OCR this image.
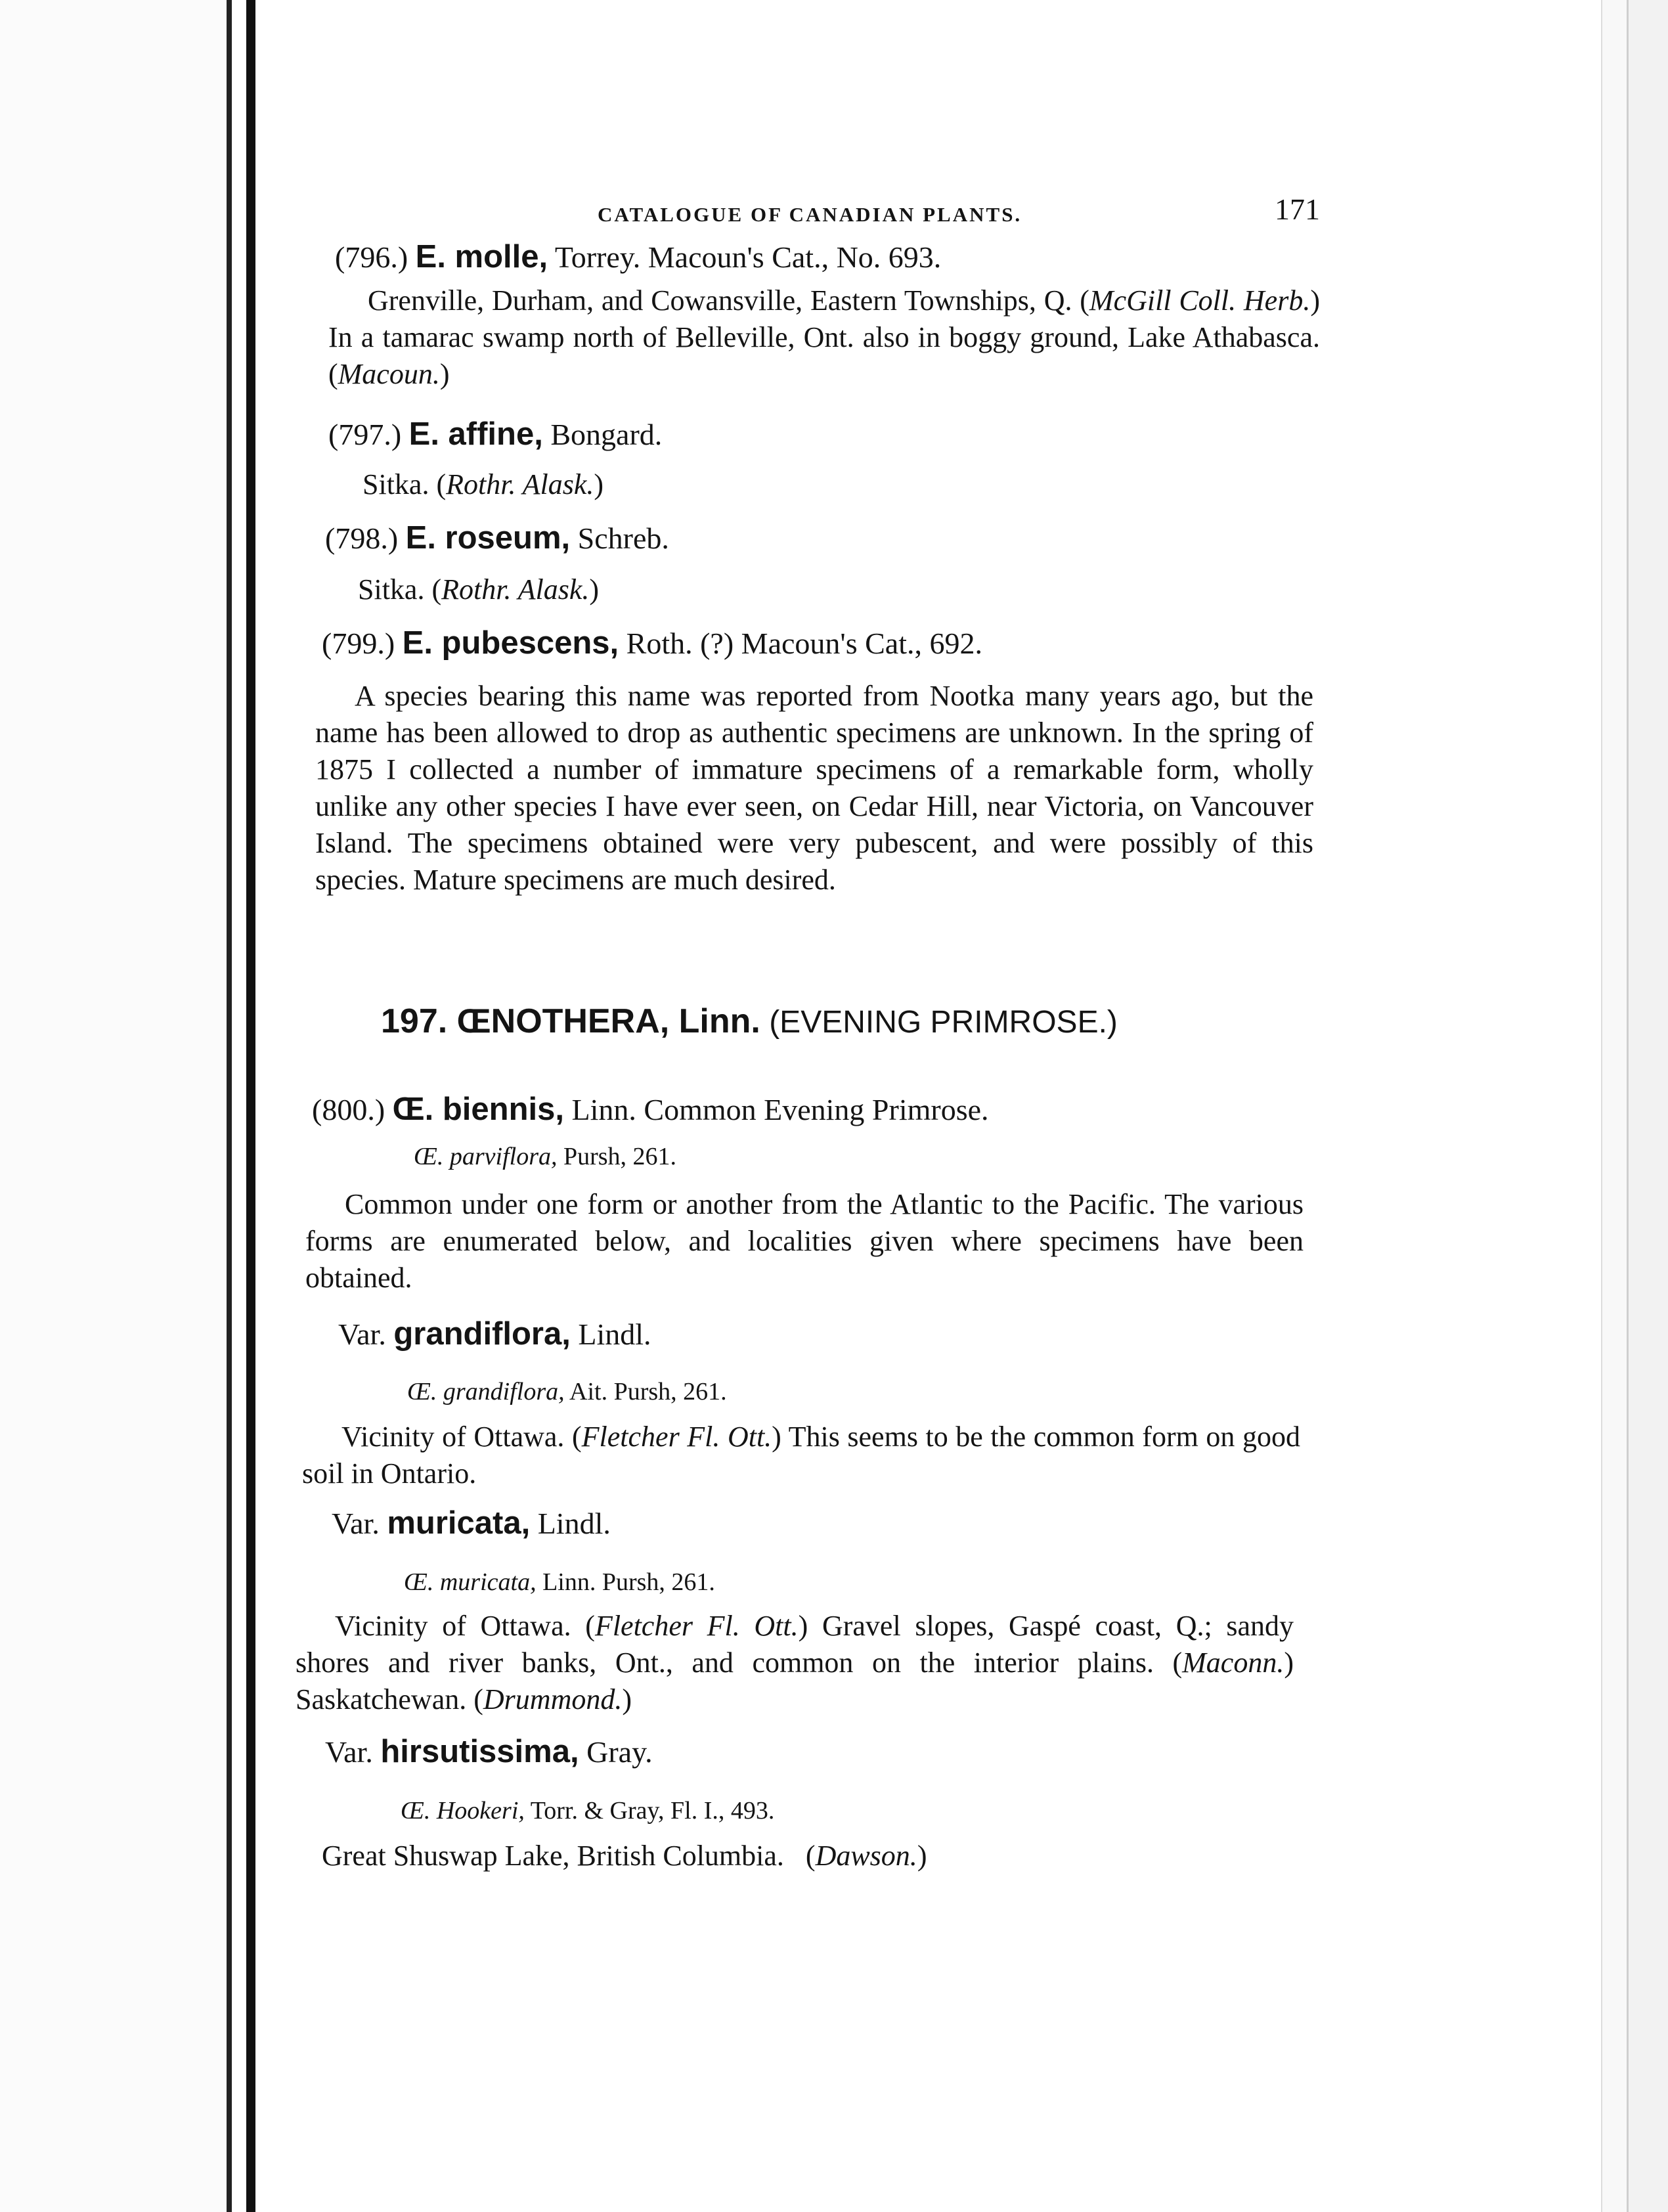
CATALOGUE OF CANADIAN PLANTS.	171
(796.) E. molle, Torrey. Macoun's Cat., No. 693.
Grenville, Durham, and Cowansville, Eastern Townships, Q. (McGill Coll. Herb.) In a tamarac swamp north of Belleville, Ont. also in boggy ground, Lake Athabasca. (Macoun.)
(797.) E. affine, Bongard.
Sitka. (Rothr. Alask.)
(798.) E. roseum, Schreb.
Sitka. (Rothr. Alask.)
(799.) E. pubescens, Roth. (?) Macoun's Cat., 692.
A species bearing this name was reported from Nootka many years ago, but the name has been allowed to drop as authentic specimens are unknown. In the spring of 1875 I collected a number of immature specimens of a remarkable form, wholly unlike any other species I have ever seen, on Cedar Hill, near Victoria, on Vancouver Island. The specimens obtained were very pubescent, and were possibly of this species. Mature specimens are much desired.
197. ŒNOTHERA, Linn. (EVENING PRIMROSE.)
(800.) Œ. biennis, Linn. Common Evening Primrose.
Œ. parviflora, Pursh, 261.
Common under one form or another from the Atlantic to the Pacific. The various forms are enumerated below, and localities given where specimens have been obtained.
Var. grandiflora, Lindl.
Œ. grandiflora, Ait. Pursh, 261.
Vicinity of Ottawa. (Fletcher Fl. Ott.) This seems to be the common form on good soil in Ontario.
Var. muricata, Lindl.
Œ. muricata, Linn. Pursh, 261.
Vicinity of Ottawa. (Fletcher Fl. Ott.) Gravel slopes, Gaspé coast, Q.; sandy shores and river banks, Ont., and common on the interior plains. (Maconn.) Saskatchewan. (Drummond.)
Var. hirsutissima, Gray.
Œ. Hookeri, Torr. & Gray, Fl. I., 493.
Great Shuswap Lake, British Columbia.   (Dawson.)
